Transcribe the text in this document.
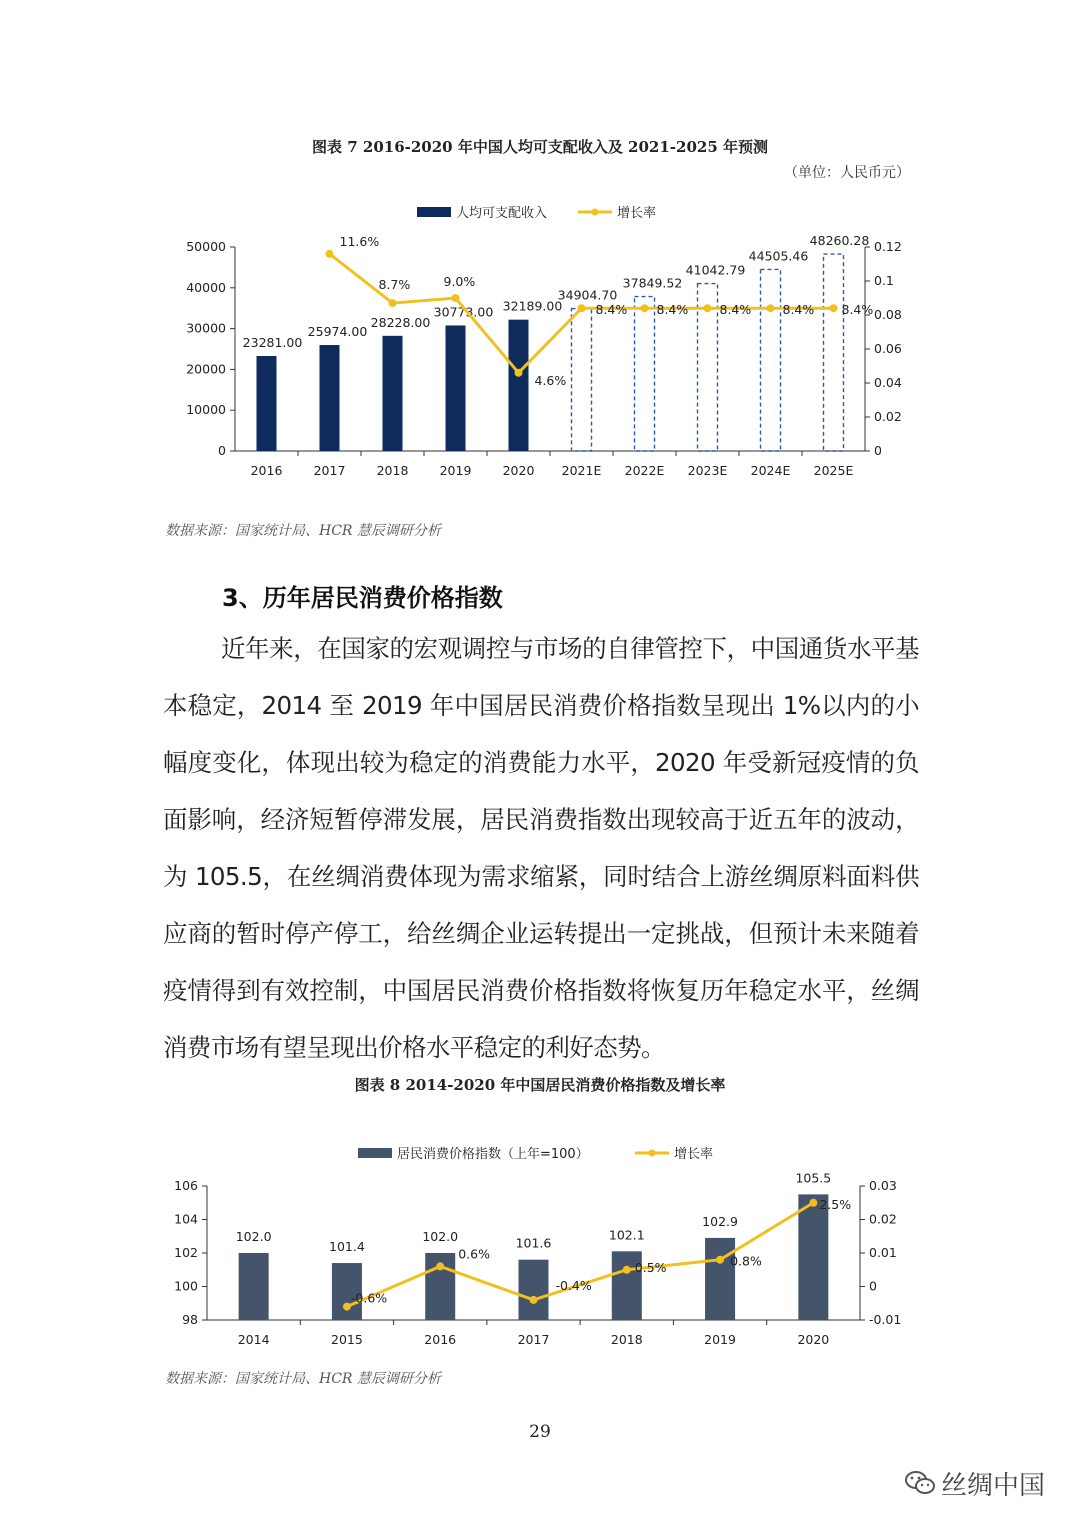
图表 7 2016-2020 年中国人均可支配收入及 2021-2025 年预测
（单位：人民币元）
人均可支配收入	增长率
50000
40000
30000
20000
10000
0
0.12
0.1
0.08
0.06
0.04
0.02
0
2016 2017 2018 2019 2020 2021E 2022E 2023E 2024E 2025E
23281.00
25974.00
28228.00
30773.00 32189.00
34904.70
37849.52
41042.79
44505.46
48260.28
11.6%
8.7%	9.0%
4.6%
8.4% 8.4% 8.4% 8.4% 8.4%
数据来源：国家统计局、HCR 慧辰调研分析
3、历年居民消费价格指数

近年来，在国家的宏观调控与市场的自律管控下，中国通货水平基本稳定，2014 至 2019 年中国居民消费价格指数呈现出 1%以内的小幅度变化，体现出较为稳定的消费能力水平，2020 年受新冠疫情的负面影响，经济短暂停滞发展，居民消费指数出现较高于近五年的波动，为 105.5，在丝绸消费体现为需求缩紧，同时结合上游丝绸原料面料供应商的暂时停产停工，给丝绸企业运转提出一定挑战，但预计未来随着疫情得到有效控制，中国居民消费价格指数将恢复历年稳定水平，丝绸消费市场有望呈现出价格水平稳定的利好态势。

图表 8 2014-2020 年中国居民消费价格指数及增长率
居民消费价格指数（上年=100）	增长率
106
104
102
100
98
0.03
0.02
0.01
0
-0.01
2014	2015	2016	2017	2018	2019	2020
102.0
101.4
102.0	101.6
102.1
102.9
105.5
-0.6%
0.6%
-0.4%
0.5%	0.8%
2.5%
数据来源：国家统计局、HCR 慧辰调研分析
29
丝绸中国
